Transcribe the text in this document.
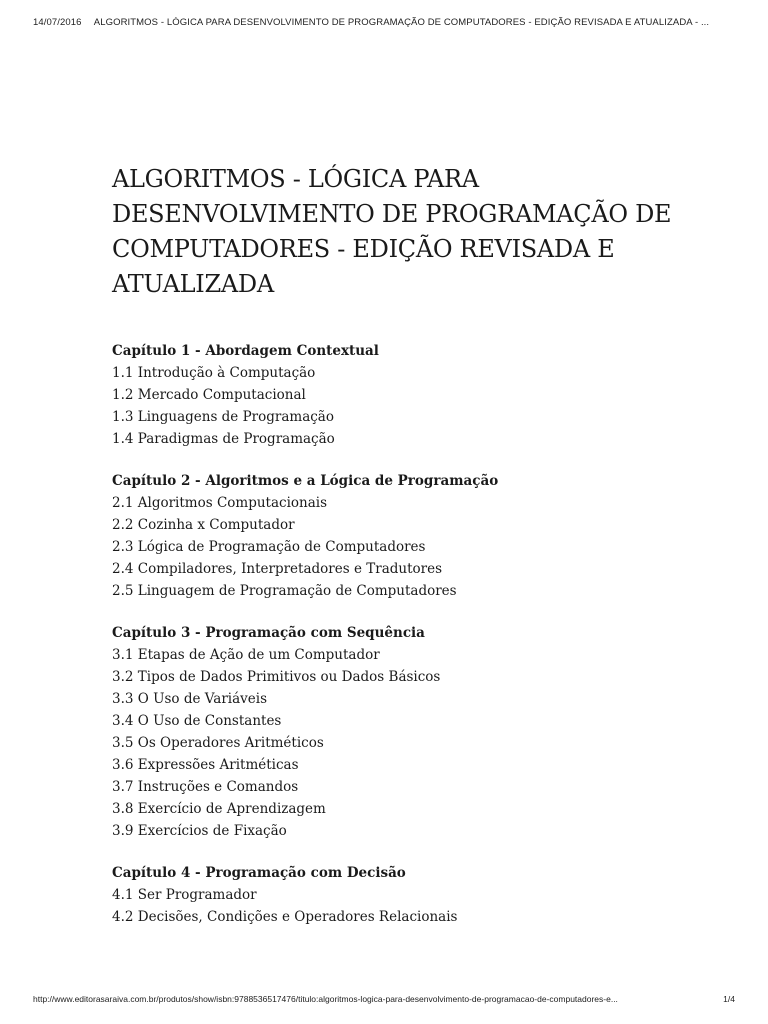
14/07/2016 ALGORITMOS - LÓGICA PARA DESENVOLVIMENTO DE PROGRAMAÇÃO DE COMPUTADORES - EDIÇÃO REVISADA E ATUALIZADA - ...
ALGORITMOS - LÓGICA PARA DESENVOLVIMENTO DE PROGRAMAÇÃO DE COMPUTADORES - EDIÇÃO REVISADA E ATUALIZADA
Capítulo 1 - Abordagem Contextual
1.1 Introdução à Computação
1.2 Mercado Computacional
1.3 Linguagens de Programação
1.4 Paradigmas de Programação
Capítulo 2 - Algoritmos e a Lógica de Programação
2.1 Algoritmos Computacionais
2.2 Cozinha x Computador
2.3 Lógica de Programação de Computadores
2.4 Compiladores, Interpretadores e Tradutores
2.5 Linguagem de Programação de Computadores
Capítulo 3 - Programação com Sequência
3.1 Etapas de Ação de um Computador
3.2 Tipos de Dados Primitivos ou Dados Básicos
3.3 O Uso de Variáveis
3.4 O Uso de Constantes
3.5 Os Operadores Aritméticos
3.6 Expressões Aritméticas
3.7 Instruções e Comandos
3.8 Exercício de Aprendizagem
3.9 Exercícios de Fixação
Capítulo 4 - Programação com Decisão
4.1 Ser Programador
4.2 Decisões, Condições e Operadores Relacionais
http://www.editorasaraiva.com.br/produtos/show/isbn:9788536517476/titulo:algoritmos-logica-para-desenvolvimento-de-programacao-de-computadores-e...	1/4
